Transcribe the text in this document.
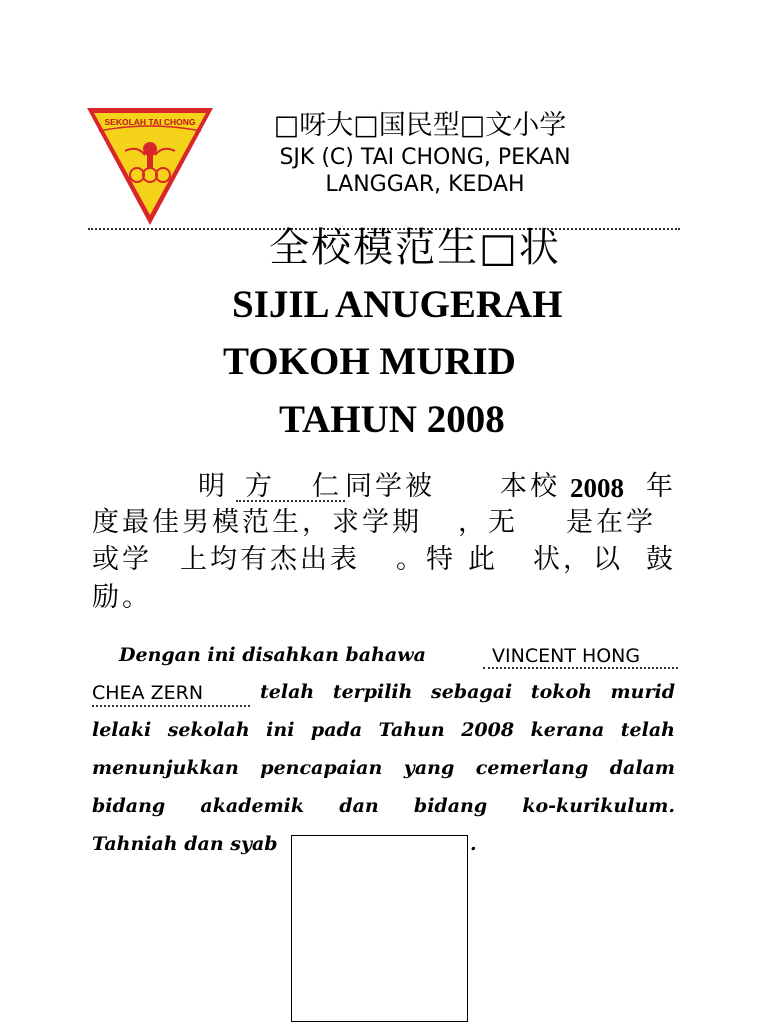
SEKOLAH TAI CHONG	□呀大□国民型□文小学
SJK (C) TAI CHONG, PEKAN
LANGGAR, KEDAH
全校模范生□状
SIJIL ANUGERAH
TOKOH MURID
TAHUN 2008
明 方 仁 同学被 本校 2008 年
度最佳男模范生，求学期 ，无 是在学
或学 上均有杰出表 。特 此 状，以 鼓
励。
Dengan ini disahkan bahawa	VINCENT HONG
CHEA ZERN	telah terpilih sebagai tokoh murid
lelaki sekolah ini pada Tahun 2008 kerana telah
menunjukkan pencapaian yang cemerlang dalam
bidang akademik dan bidang ko-kurikulum.
Tahniah dan syab	.
